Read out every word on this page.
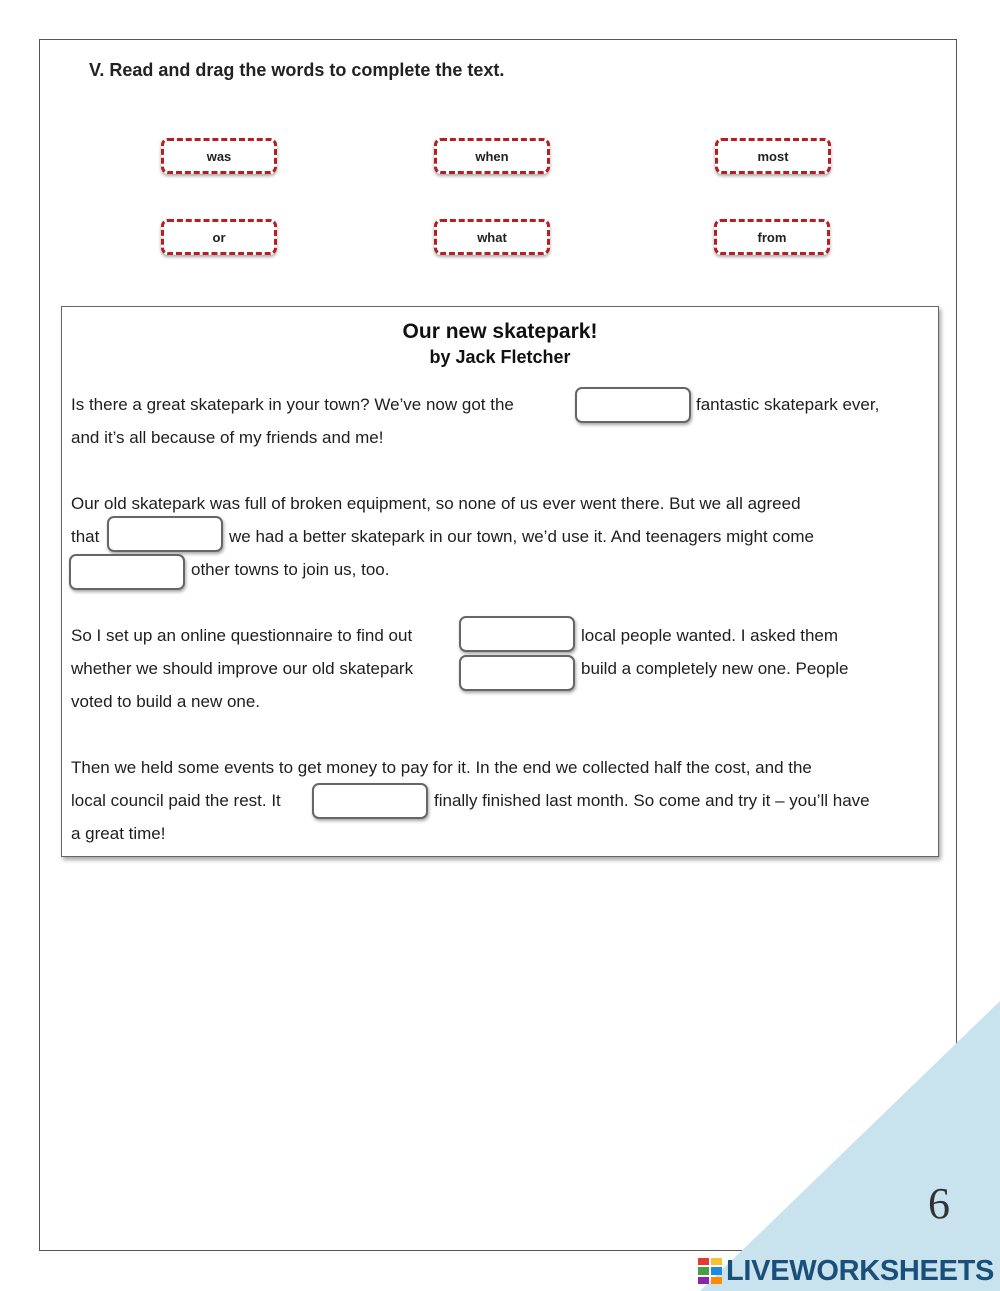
V. Read and drag the words to complete the text.
was	when	most
or	what	from
Our new skatepark!
by Jack Fletcher
Is there a great skatepark in your town? We’ve now got the	fantastic skatepark ever,
and it’s all because of my friends and me!
Our old skatepark was full of broken equipment, so none of us ever went there. But we all agreed
that	we had a better skatepark in our town, we’d use it. And teenagers might come
other towns to join us, too.
So I set up an online questionnaire to find out	local people wanted. I asked them
whether we should improve our old skatepark	build a completely new one. People
voted to build a new one.
Then we held some events to get money to pay for it. In the end we collected half the cost, and the
local council paid the rest. It	finally finished last month. So come and try it – you’ll have
a great time!
6
LIVEWORKSHEETS
